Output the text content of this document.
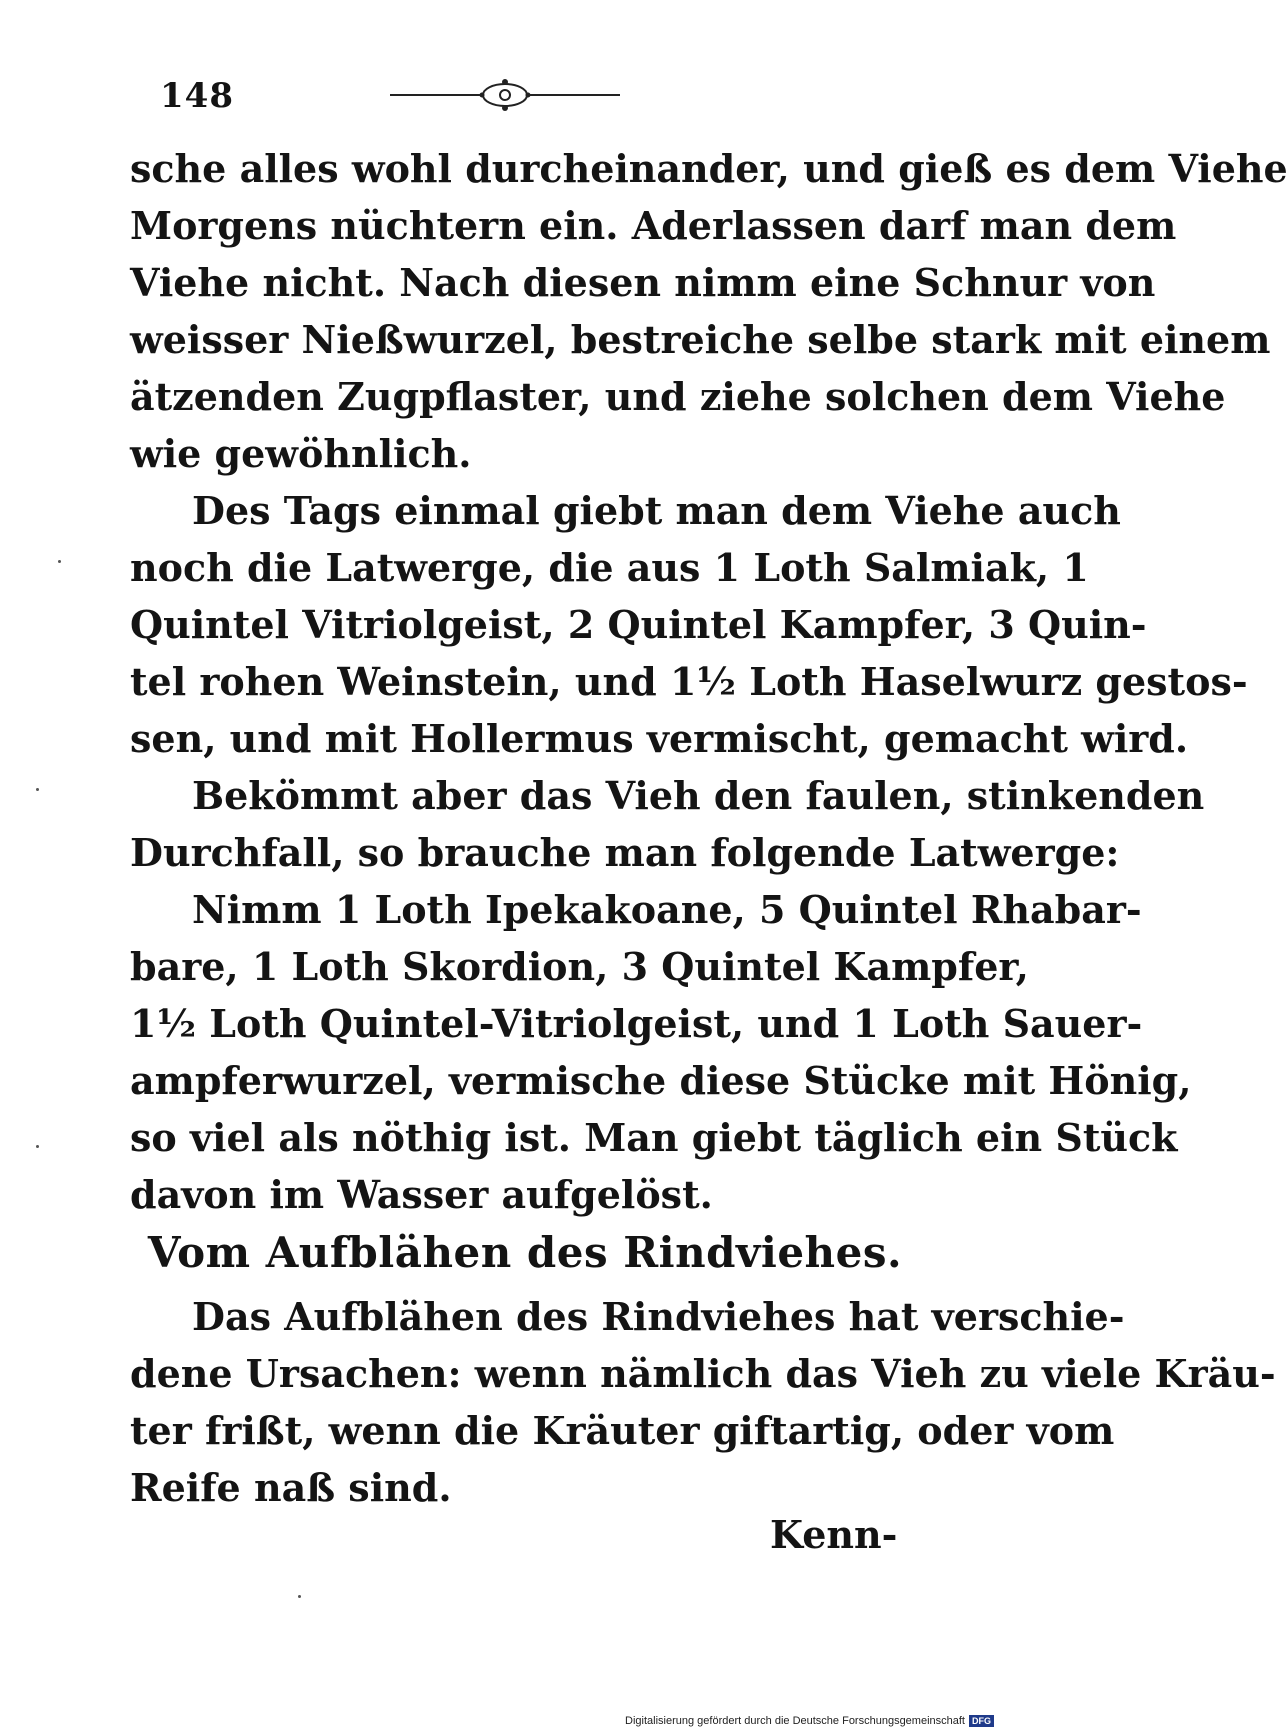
148

sche alles wohl durcheinander, und gieß es dem Viehe
Morgens nüchtern ein. Aderlassen darf man dem
Viehe nicht. Nach diesen nimm eine Schnur von
weisser Nießwurzel, bestreiche selbe stark mit einem
ätzenden Zugpflaster, und ziehe solchen dem Viehe
wie gewöhnlich.

Des Tags einmal giebt man dem Viehe auch
noch die Latwerge, die aus 1 Loth Salmiak, 1
Quintel Vitriolgeist, 2 Quintel Kampfer, 3 Quin-
tel rohen Weinstein, und 1½ Loth Haselwurz gestos-
sen, und mit Hollermus vermischt, gemacht wird.

Bekömmt aber das Vieh den faulen, stinkenden
Durchfall, so brauche man folgende Latwerge:

Nimm 1 Loth Ipekakoane, 5 Quintel Rhabar-
bare, 1 Loth Skordion, 3 Quintel Kampfer,
1½ Loth Quintel-Vitriolgeist, und 1 Loth Sauer-
ampferwurzel, vermische diese Stücke mit Hönig,
so viel als nöthig ist. Man giebt täglich ein Stück
davon im Wasser aufgelöst.

Vom Aufblähen des Rindviehes.
Das Aufblähen des Rindviehes hat verschie-
dene Ursachen: wenn nämlich das Vieh zu viele Kräu-
ter frißt, wenn die Kräuter giftartig, oder vom
Reife naß sind.
Kenn-
Digitalisierung gefördert durch die Deutsche Forschungsgemeinschaft DFG
